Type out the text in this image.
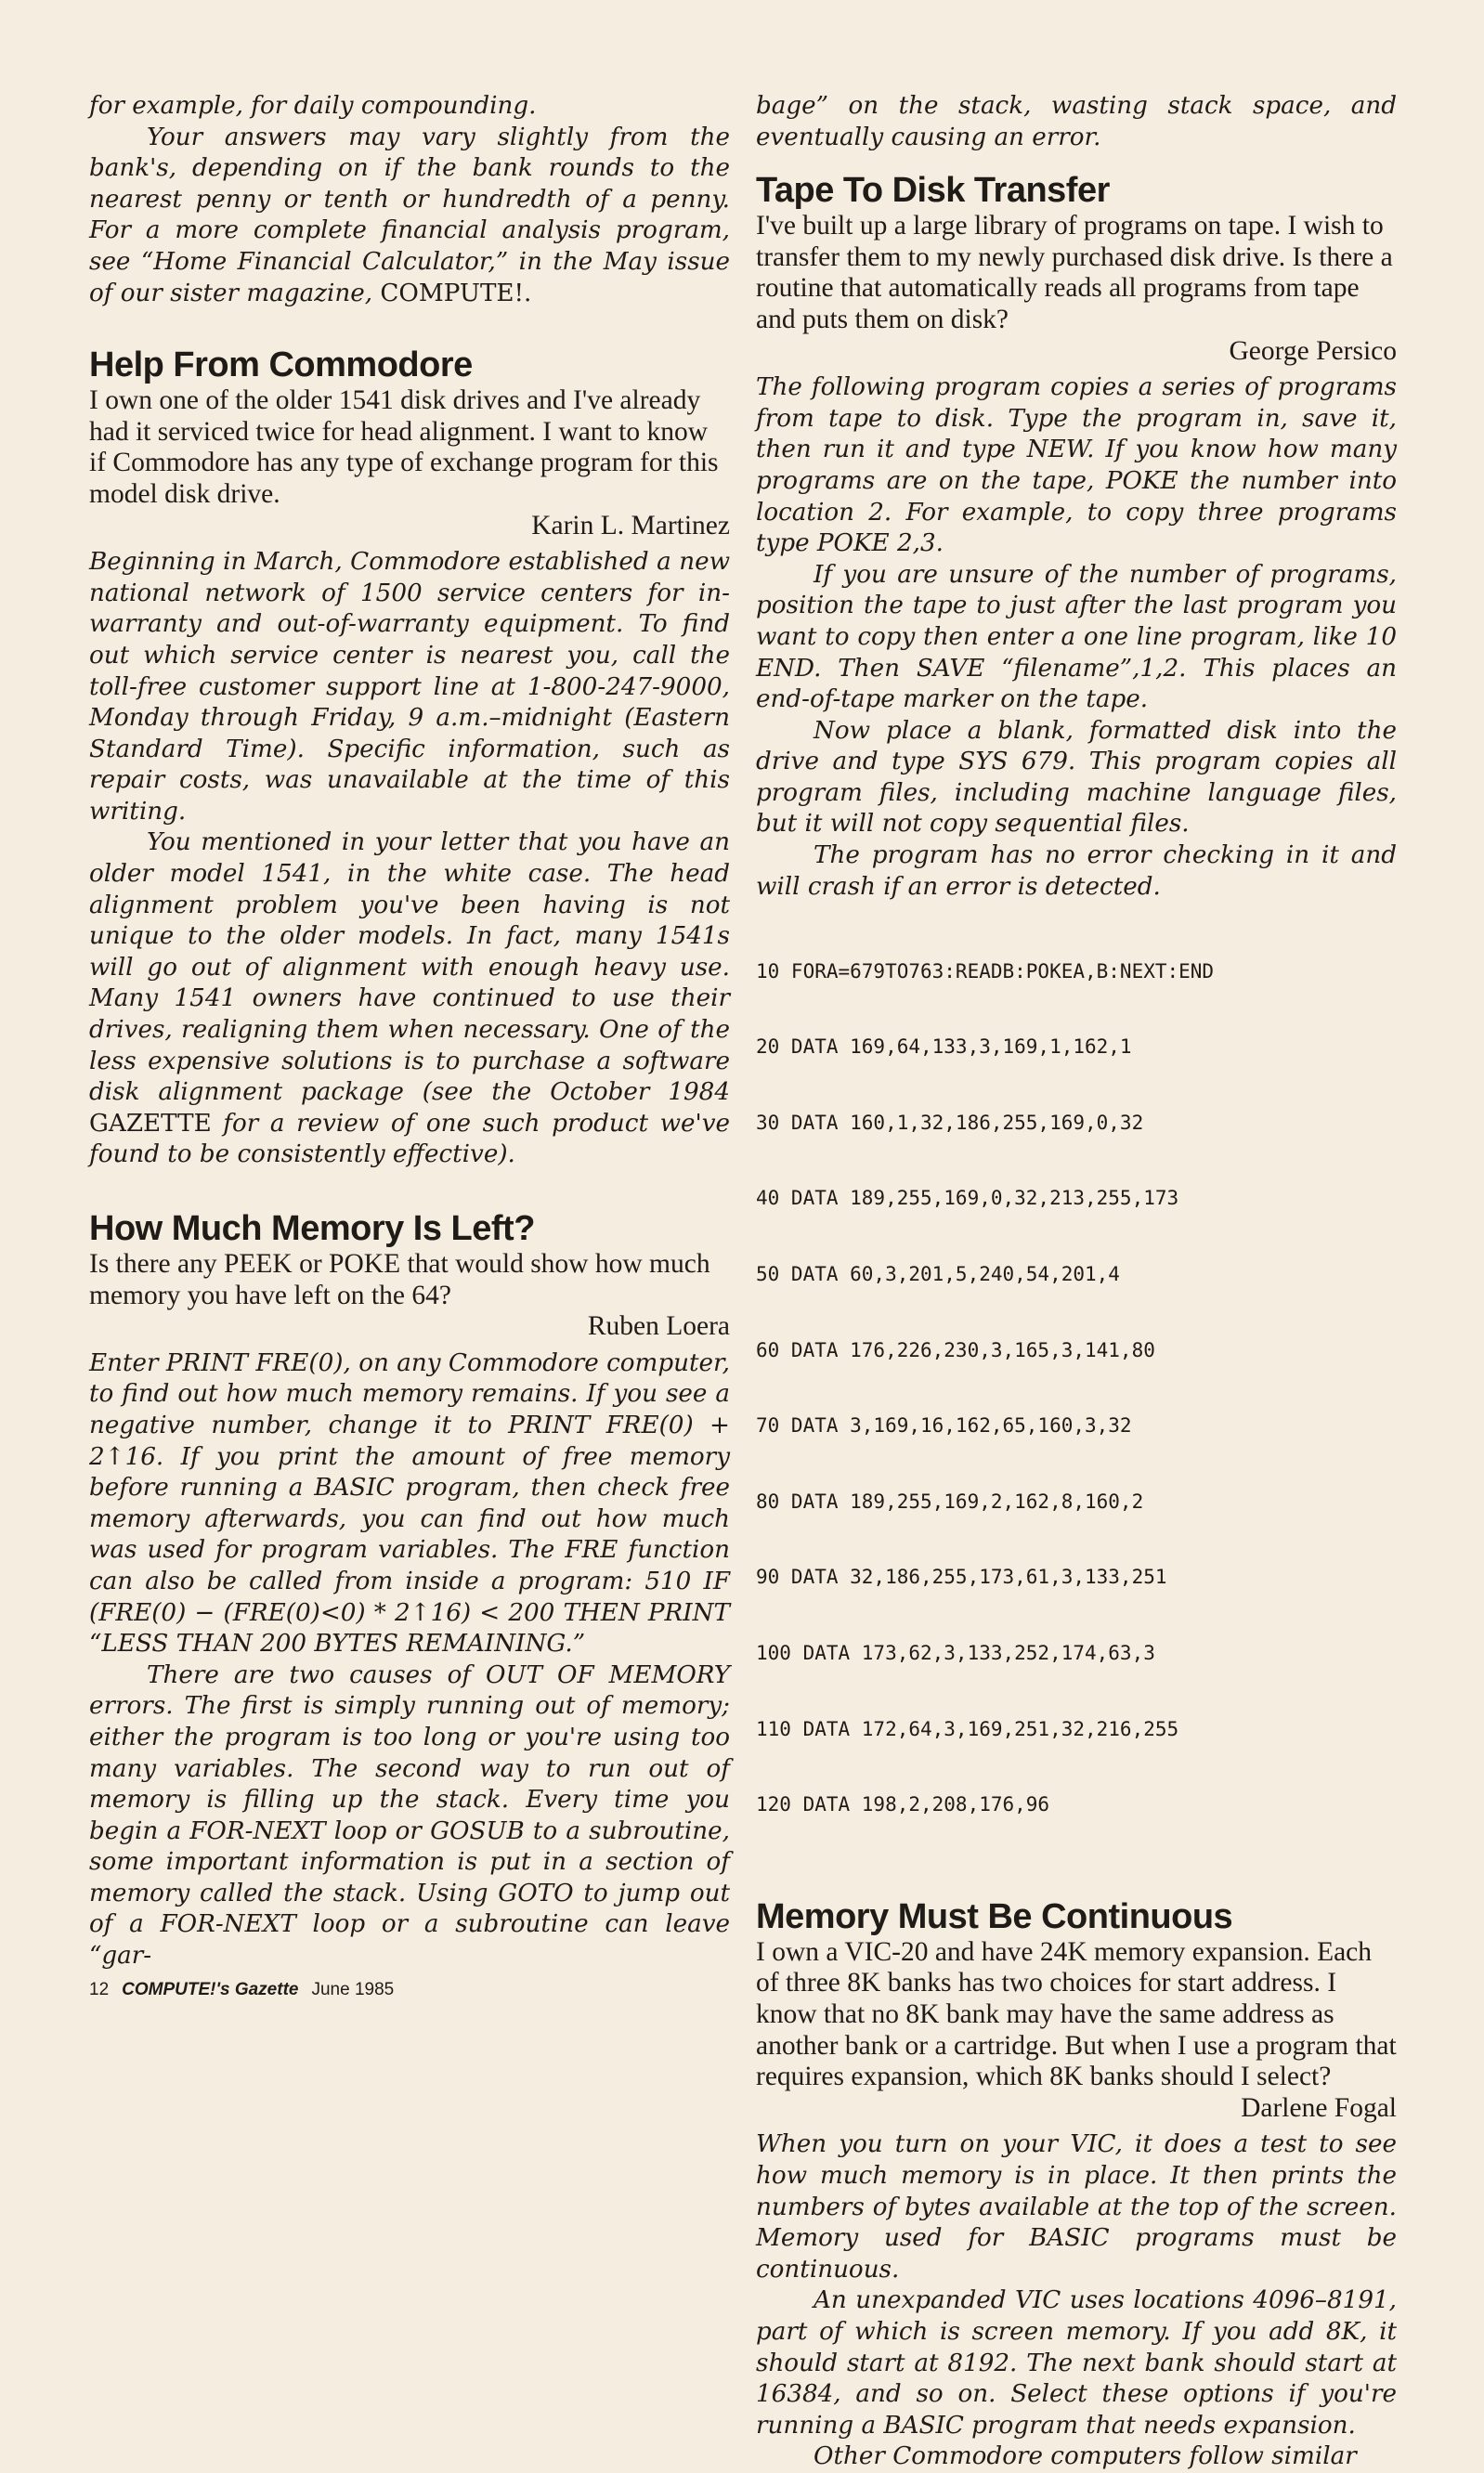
for example, for daily compounding.

Your answers may vary slightly from the bank's, depending on if the bank rounds to the nearest penny or tenth or hundredth of a penny. For a more complete financial analysis program, see “Home Financial Calculator,” in the May issue of our sister magazine, COMPUTE!.

Help From Commodore

I own one of the older 1541 disk drives and I've already had it serviced twice for head alignment. I want to know if Commodore has any type of exchange program for this model disk drive.

Karin L. Martinez

Beginning in March, Commodore established a new national network of 1500 service centers for in-warranty and out-of-warranty equipment. To find out which service center is nearest you, call the toll-free customer support line at 1-800-247-9000, Monday through Friday, 9 a.m.–midnight (Eastern Standard Time). Specific information, such as repair costs, was unavailable at the time of this writing.

You mentioned in your letter that you have an older model 1541, in the white case. The head alignment problem you've been having is not unique to the older models. In fact, many 1541s will go out of alignment with enough heavy use. Many 1541 owners have continued to use their drives, realigning them when necessary. One of the less expensive solutions is to purchase a software disk alignment package (see the October 1984 GAZETTE for a review of one such product we've found to be consistently effective).

How Much Memory Is Left?

Is there any PEEK or POKE that would show how much memory you have left on the 64?

Ruben Loera

Enter PRINT FRE(0), on any Commodore computer, to find out how much memory remains. If you see a negative number, change it to PRINT FRE(0) + 2↑16. If you print the amount of free memory before running a BASIC program, then check free memory afterwards, you can find out how much was used for program variables. The FRE function can also be called from inside a program: 510 IF (FRE(0) − (FRE(0)<0) * 2↑16) < 200 THEN PRINT “LESS THAN 200 BYTES REMAINING.”

There are two causes of OUT OF MEMORY errors. The first is simply running out of memory; either the program is too long or you're using too many variables. The second way to run out of memory is filling up the stack. Every time you begin a FOR-NEXT loop or GOSUB to a subroutine, some important information is put in a section of memory called the stack. Using GOTO to jump out of a FOR-NEXT loop or a subroutine can leave “gar-

bage” on the stack, wasting stack space, and eventually causing an error.

Tape To Disk Transfer

I've built up a large library of programs on tape. I wish to transfer them to my newly purchased disk drive. Is there a routine that automatically reads all programs from tape and puts them on disk?

George Persico

The following program copies a series of programs from tape to disk. Type the program in, save it, then run it and type NEW. If you know how many programs are on the tape, POKE the number into location 2. For example, to copy three programs type POKE 2,3.

If you are unsure of the number of programs, position the tape to just after the last program you want to copy then enter a one line program, like 10 END. Then SAVE “filename”,1,2. This places an end-of-tape marker on the tape.

Now place a blank, formatted disk into the drive and type SYS 679. This program copies all program files, including machine language files, but it will not copy sequential files.

The program has no error checking in it and will crash if an error is detected.

10 FORA=679TO763:READB:POKEA,B:NEXT:END

20 DATA 169,64,133,3,169,1,162,1

30 DATA 160,1,32,186,255,169,0,32

40 DATA 189,255,169,0,32,213,255,173

50 DATA 60,3,201,5,240,54,201,4

60 DATA 176,226,230,3,165,3,141,80

70 DATA 3,169,16,162,65,160,3,32

80 DATA 189,255,169,2,162,8,160,2

90 DATA 32,186,255,173,61,3,133,251

100 DATA 173,62,3,133,252,174,63,3

110 DATA 172,64,3,169,251,32,216,255

120 DATA 198,2,208,176,96

Memory Must Be Continuous

I own a VIC-20 and have 24K memory expansion. Each of three 8K banks has two choices for start address. I know that no 8K bank may have the same address as another bank or a cartridge. But when I use a program that requires expansion, which 8K banks should I select?

Darlene Fogal

When you turn on your VIC, it does a test to see how much memory is in place. It then prints the numbers of bytes available at the top of the screen. Memory used for BASIC programs must be continuous.

An unexpanded VIC uses locations 4096–8191, part of which is screen memory. If you add 8K, it should start at 8192. The next bank should start at 16384, and so on. Select these options if you're running a BASIC program that needs expansion.

Other Commodore computers follow similar

12 COMPUTE!'s Gazette June 1985
